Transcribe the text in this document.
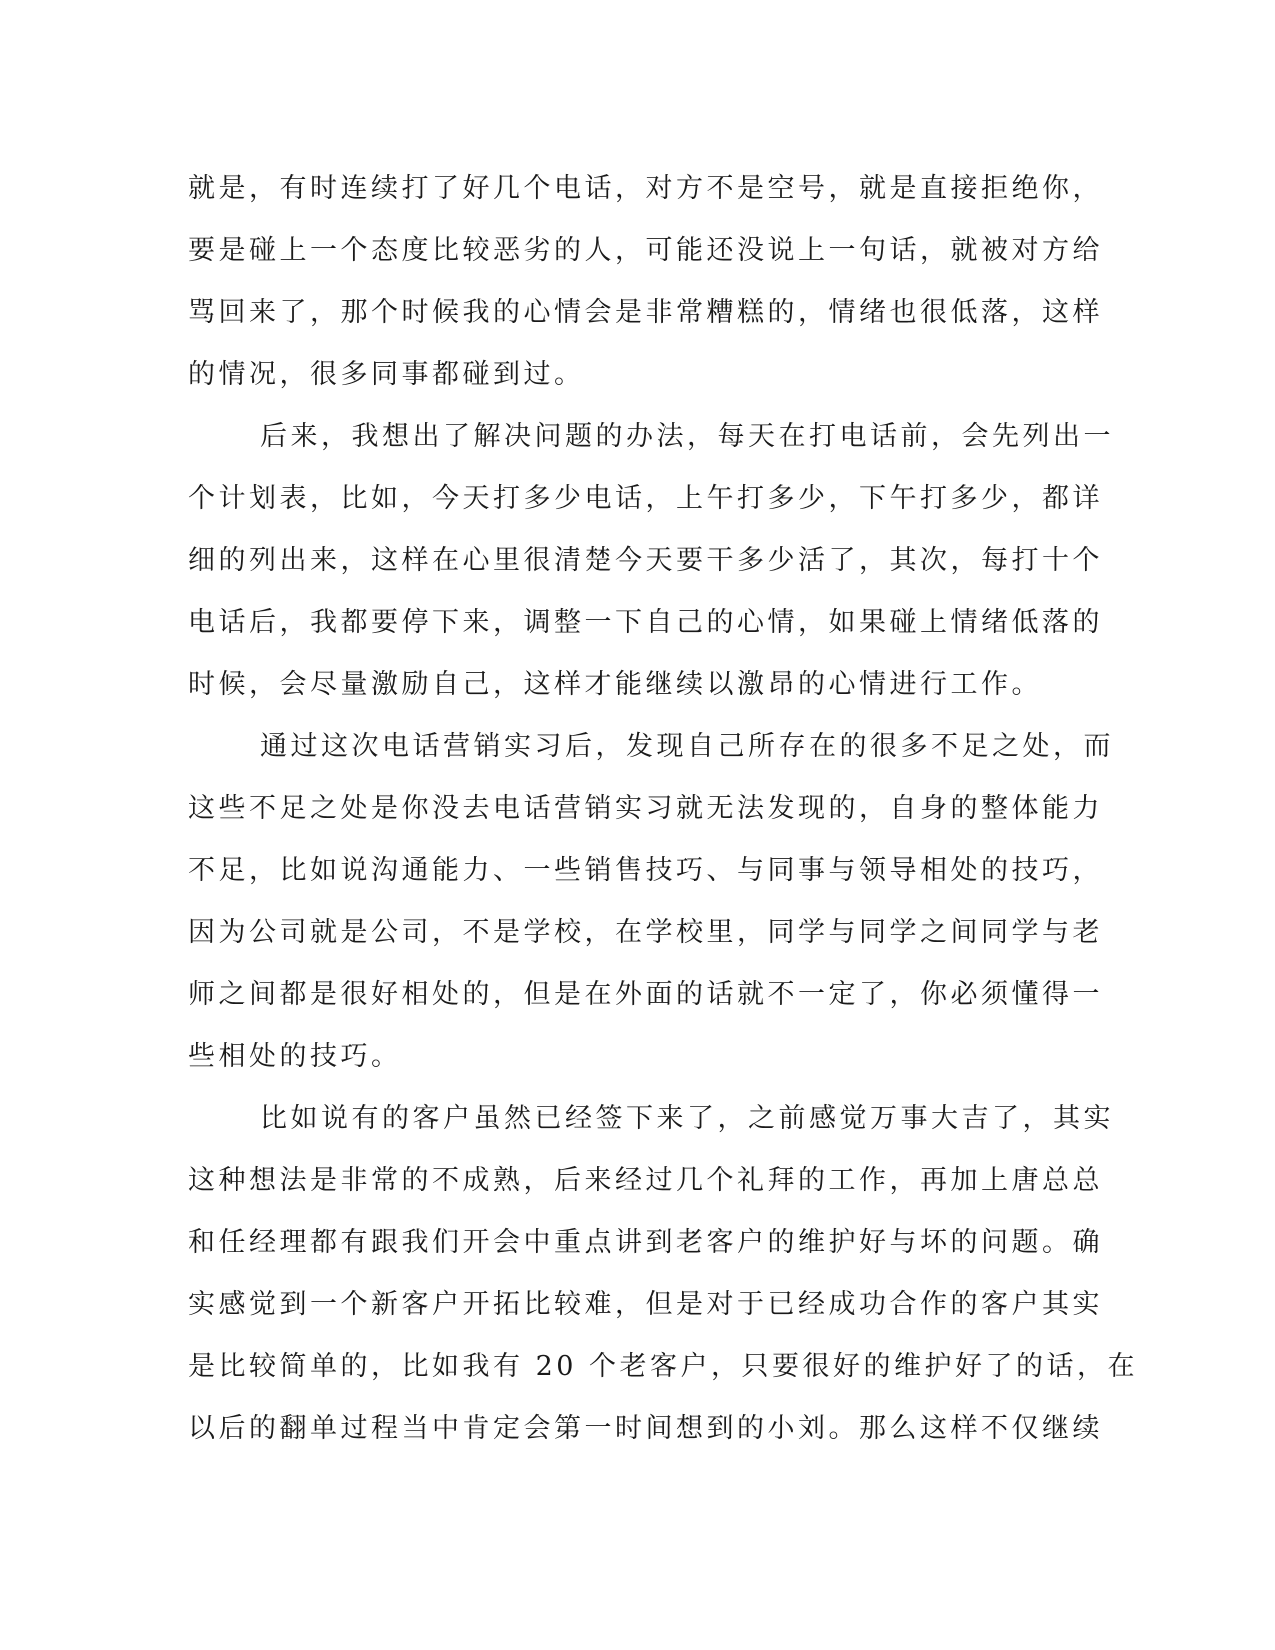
就是，有时连续打了好几个电话，对方不是空号，就是直接拒绝你，
要是碰上一个态度比较恶劣的人，可能还没说上一句话，就被对方给
骂回来了，那个时候我的心情会是非常糟糕的，情绪也很低落，这样
的情况，很多同事都碰到过。
后来，我想出了解决问题的办法，每天在打电话前，会先列出一
个计划表，比如，今天打多少电话，上午打多少，下午打多少，都详
细的列出来，这样在心里很清楚今天要干多少活了，其次，每打十个
电话后，我都要停下来，调整一下自己的心情，如果碰上情绪低落的
时候，会尽量激励自己，这样才能继续以激昂的心情进行工作。
通过这次电话营销实习后，发现自己所存在的很多不足之处，而
这些不足之处是你没去电话营销实习就无法发现的，自身的整体能力
不足，比如说沟通能力、一些销售技巧、与同事与领导相处的技巧，
因为公司就是公司，不是学校，在学校里，同学与同学之间同学与老
师之间都是很好相处的，但是在外面的话就不一定了，你必须懂得一
些相处的技巧。
比如说有的客户虽然已经签下来了，之前感觉万事大吉了，其实
这种想法是非常的不成熟，后来经过几个礼拜的工作，再加上唐总总
和任经理都有跟我们开会中重点讲到老客户的维护好与坏的问题。确
实感觉到一个新客户开拓比较难，但是对于已经成功合作的客户其实
是比较简单的，比如我有 20 个老客户，只要很好的维护好了的话，在
以后的翻单过程当中肯定会第一时间想到的小刘。那么这样不仅继续
